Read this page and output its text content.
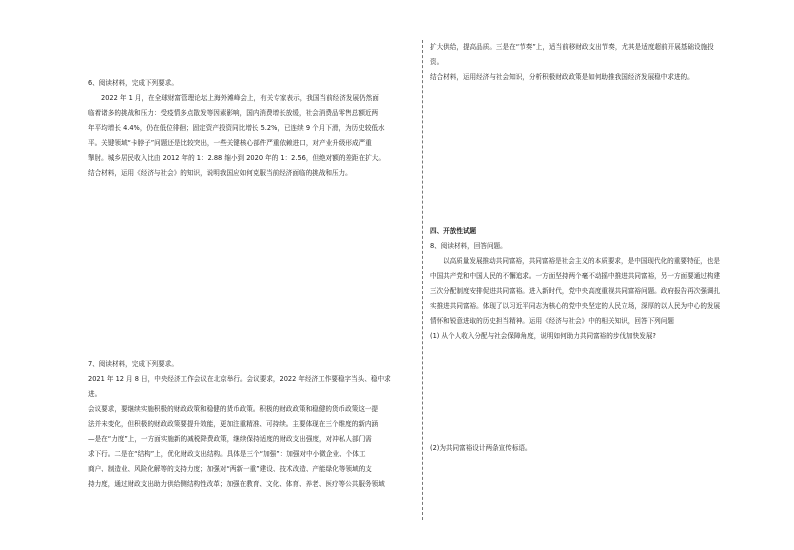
6、阅读材料，完成下列要求。

2022 年 1 月，在全球财富管理论坛上海外滩峰会上，有关专家表示，我国当前经济发展仍然面

临着诸多的挑战和压力：受疫情多点散发等因素影响，国内消费增长放缓，社会消费品零售总额近两

年平均增长 4.4%，仍在低位徘徊；固定资产投资同比增长 5.2%，已连续 9 个月下滑，为历史较低水

平。关键领域“卡脖子”问题还是比较突出，一些关键核心部件严重依赖进口，对产业升级形成严重

掣肘。城乡居民收入比由 2012 年的 1：2.88 缩小到 2020 年的 1：2.56，但绝对额的差距在扩大。

结合材料，运用《经济与社会》的知识，说明我国应如何克服当前经济面临的挑战和压力。

7、阅读材料，完成下列要求。

2021 年 12 月 8 日，中央经济工作会议在北京举行。会议要求，2022 年经济工作要稳字当头、稳中求

进。

会议要求，要继续实施积极的财政政策和稳健的货币政策。积极的财政政策和稳健的货币政策这一提

法并未变化，但积极的财政政策要提升效能，更加注重精准、可持续。主要体现在三个维度的新内涵

—是在“力度”上，一方面实施新的减税降费政策，继续保持适度的财政支出强度，对冲私人部门需

求下行。二是在“结构”上，优化财政支出结构。具体是三个“加强”：加强对中小微企业、个体工

商户、制造业、风险化解等的支持力度；加强对“两新一重”建设、技术改造、产能绿化等领域的支

持力度，通过财政支出助力供给侧结构性改革；加强在教育、文化、体育、养老、医疗等公共服务领域

扩大供给，提高品质。三是在“节奏”上，适当前移财政支出节奏，尤其是适度超前开展基础设施投

资。

结合材料，运用经济与社会知识，分析积极财政政策是如何助推我国经济发展稳中求进的。

四、开放性试题

8、阅读材料，回答问题。

以高质量发展推动共同富裕，共同富裕是社会主义的本质要求，是中国现代化的重要特征，也是

中国共产党和中国人民的不懈追求。一方面坚持两个毫不动摇中推进共同富裕，另一方面要通过构建

三次分配制度安排促进共同富裕。进入新时代，党中央高度重视共同富裕问题。政府报告再次强调扎

实推进共同富裕。体现了以习近平同志为核心的党中央坚定的人民立场，深厚的以人民为中心的发展

情怀和锐意进取的历史担当精神。运用《经济与社会》中的相关知识，回答下列问题

(1) 从个人收入分配与社会保障角度，说明如何助力共同富裕的步伐加快发展?

(2)为共同富裕设计两条宣传标语。
